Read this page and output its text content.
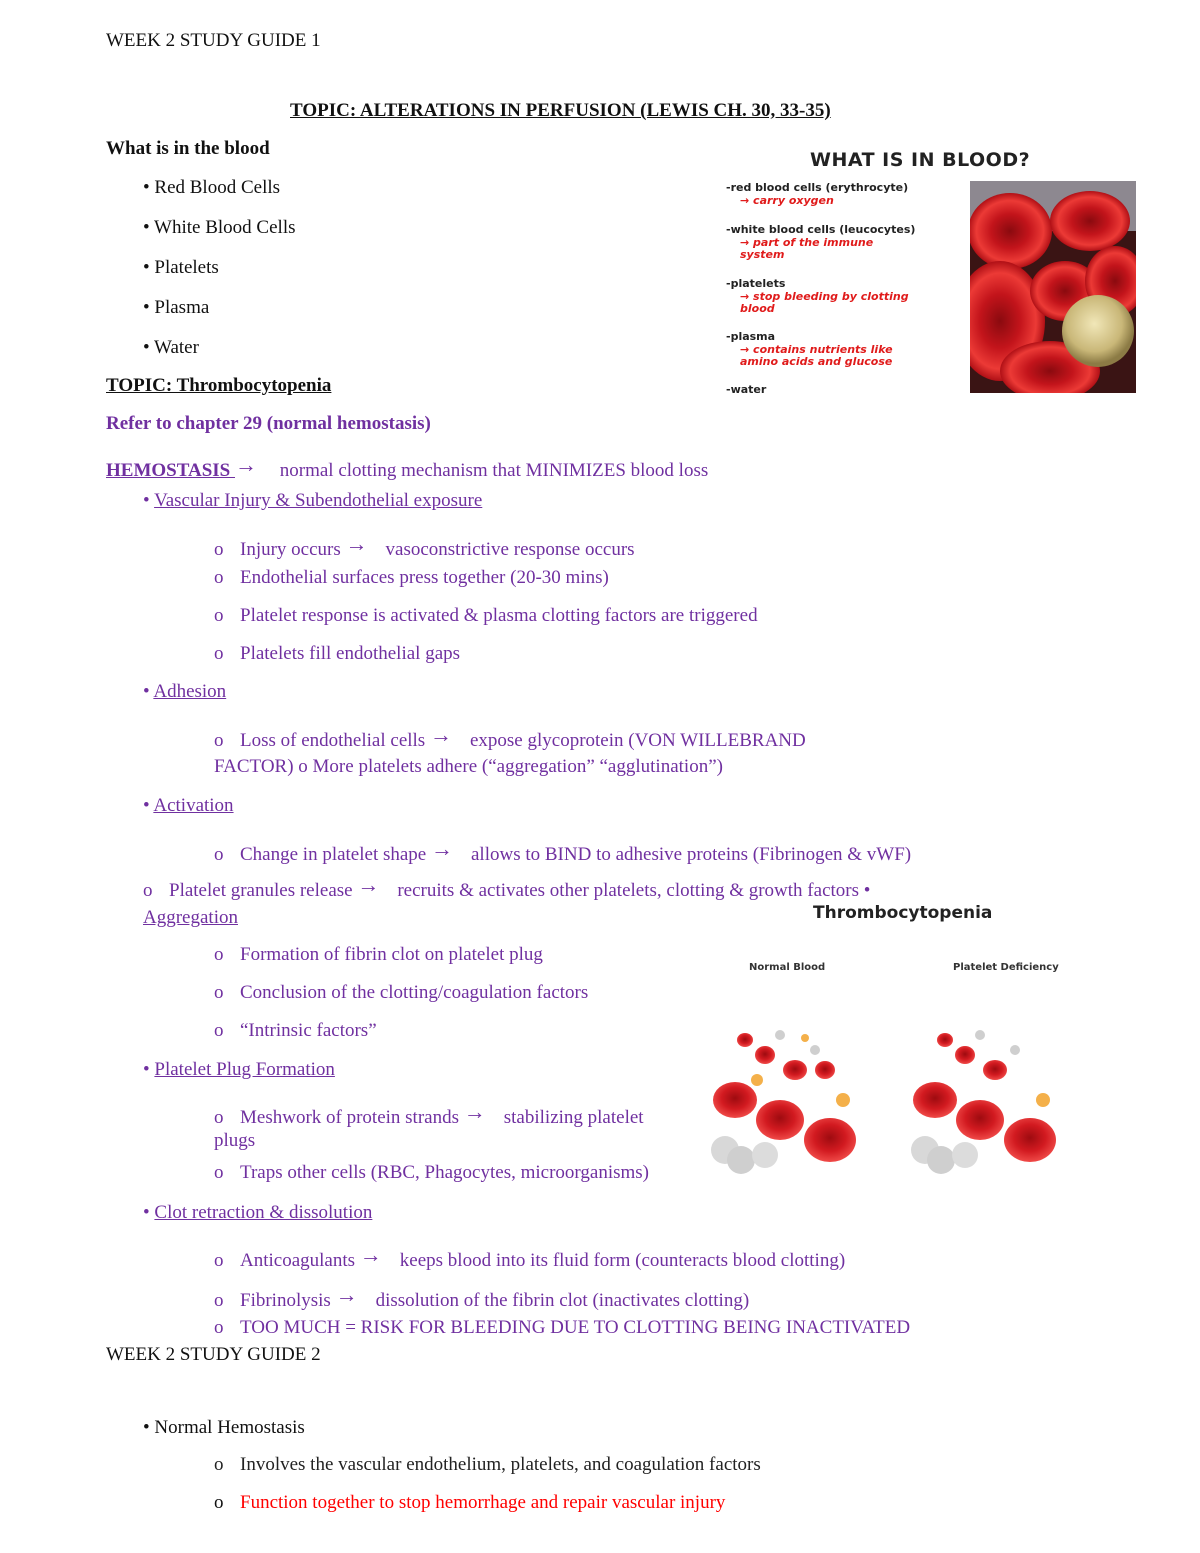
WEEK 2 STUDY GUIDE 1
TOPIC: ALTERATIONS IN PERFUSION (LEWIS CH. 30, 33-35)
What is in the blood
• Red Blood Cells
• White Blood Cells
• Platelets
• Plasma
• Water
WHAT IS IN BLOOD?
-red blood cells (erythrocyte)
→ carry oxygen
-white blood cells (leucocytes)
→ part of the immune
system
-platelets
→ stop bleeding by clotting
blood
-plasma
→ contains nutrients like
amino acids and glucose
-water
TOPIC: Thrombocytopenia
Refer to chapter 29 (normal hemostasis)
HEMOSTASIS → normal clotting mechanism that MINIMIZES blood loss
• Vascular Injury & Subendothelial exposure
o Injury occurs → vasoconstrictive response occurs
o Endothelial surfaces press together (20-30 mins)
o Platelet response is activated & plasma clotting factors are triggered
o Platelets fill endothelial gaps
• Adhesion
o Loss of endothelial cells → expose glycoprotein (VON WILLEBRAND
FACTOR) o More platelets adhere (“aggregation” “agglutination”)
• Activation
o Change in platelet shape → allows to BIND to adhesive proteins (Fibrinogen & vWF)
o Platelet granules release → recruits & activates other platelets, clotting & growth factors •
Aggregation
o Formation of fibrin clot on platelet plug
o Conclusion of the clotting/coagulation factors
o “Intrinsic factors”
Thrombocytopenia
Normal Blood	Platelet Deficiency
• Platelet Plug Formation
o Meshwork of protein strands → stabilizing platelet
plugs
o Traps other cells (RBC, Phagocytes, microorganisms)
• Clot retraction & dissolution
o Anticoagulants → keeps blood into its fluid form (counteracts blood clotting)
o Fibrinolysis → dissolution of the fibrin clot (inactivates clotting)
o TOO MUCH = RISK FOR BLEEDING DUE TO CLOTTING BEING INACTIVATED
WEEK 2 STUDY GUIDE 2
• Normal Hemostasis
o Involves the vascular endothelium, platelets, and coagulation factors
o Function together to stop hemorrhage and repair vascular injury
